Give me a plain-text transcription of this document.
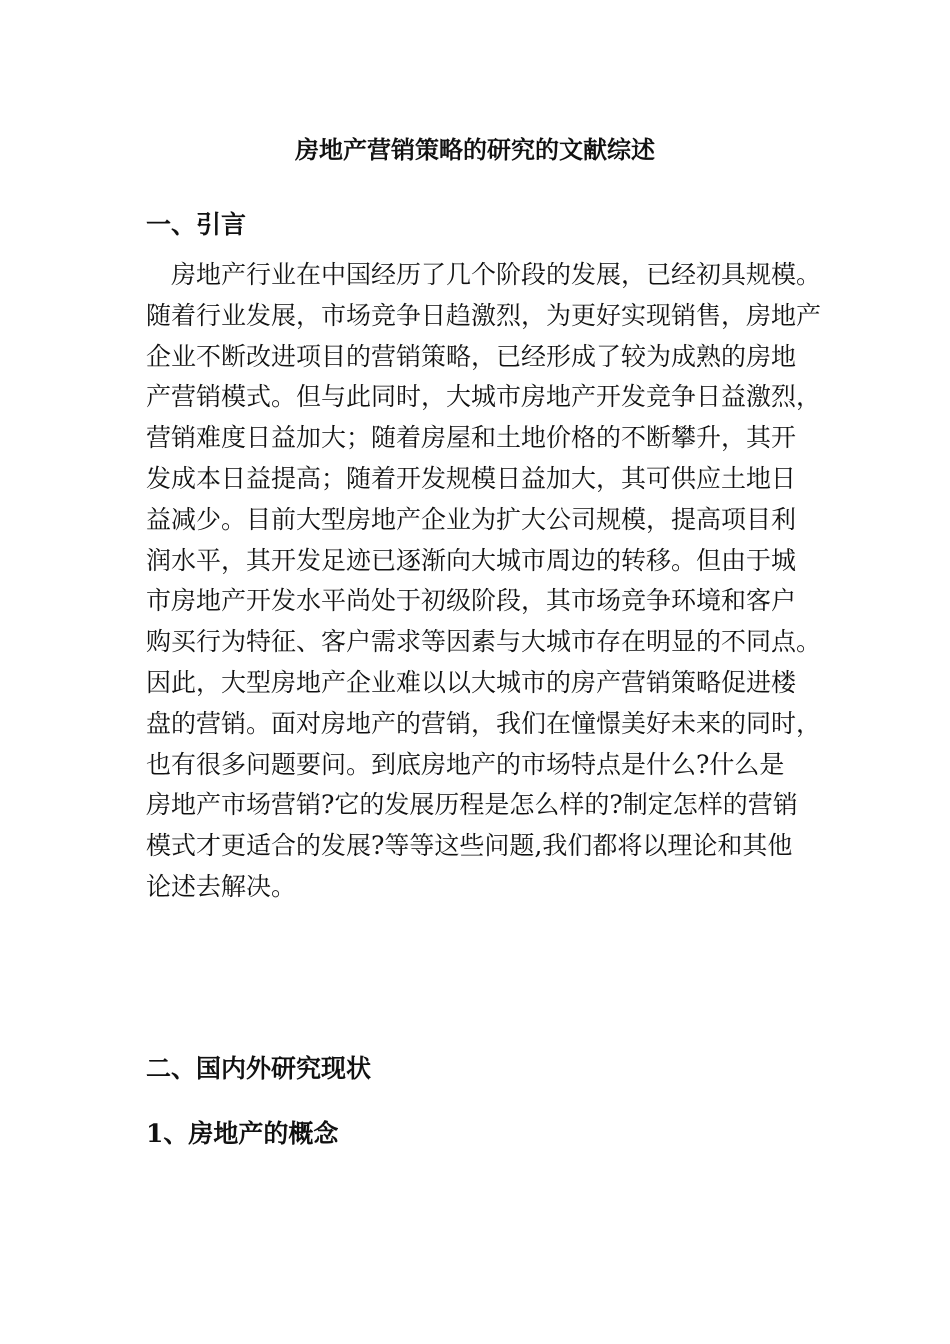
房地产营销策略的研究的文献综述
一、引言

　房地产行业在中国经历了几个阶段的发展，已经初具规模。
随着行业发展，市场竞争日趋激烈，为更好实现销售，房地产
企业不断改进项目的营销策略，已经形成了较为成熟的房地
产营销模式。但与此同时，大城市房地产开发竞争日益激烈，
营销难度日益加大；随着房屋和土地价格的不断攀升，其开
发成本日益提高；随着开发规模日益加大，其可供应土地日
益减少。目前大型房地产企业为扩大公司规模，提高项目利
润水平，其开发足迹已逐渐向大城市周边的转移。但由于城
市房地产开发水平尚处于初级阶段，其市场竞争环境和客户
购买行为特征、客户需求等因素与大城市存在明显的不同点。
因此，大型房地产企业难以以大城市的房产营销策略促进楼
盘的营销。面对房地产的营销，我们在憧憬美好未来的同时，
也有很多问题要问。到底房地产的市场特点是什么?什么是
房地产市场营销?它的发展历程是怎么样的?制定怎样的营销
模式才更适合的发展?等等这些问题,我们都将以理论和其他
论述去解决。

二、国内外研究现状
1、房地产的概念
